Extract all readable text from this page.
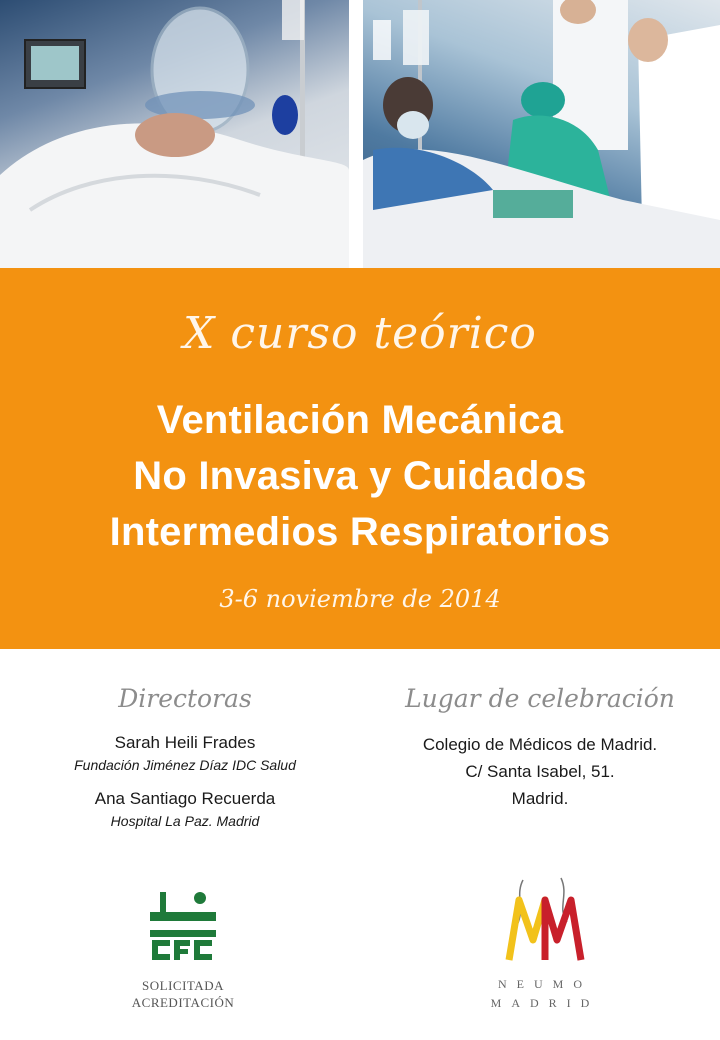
X curso teórico
Ventilación Mecánica
No Invasiva y Cuidados
Intermedios Respiratorios
3-6 noviembre de 2014
Directoras
Sarah Heili Frades
Fundación Jiménez Díaz IDC Salud
Ana Santiago Recuerda
Hospital La Paz. Madrid
Lugar de celebración
Colegio de Médicos de Madrid.
C/ Santa Isabel, 51.
Madrid.
SOLICITADA
ACREDITACIÓN
NEUMO
MADRID
